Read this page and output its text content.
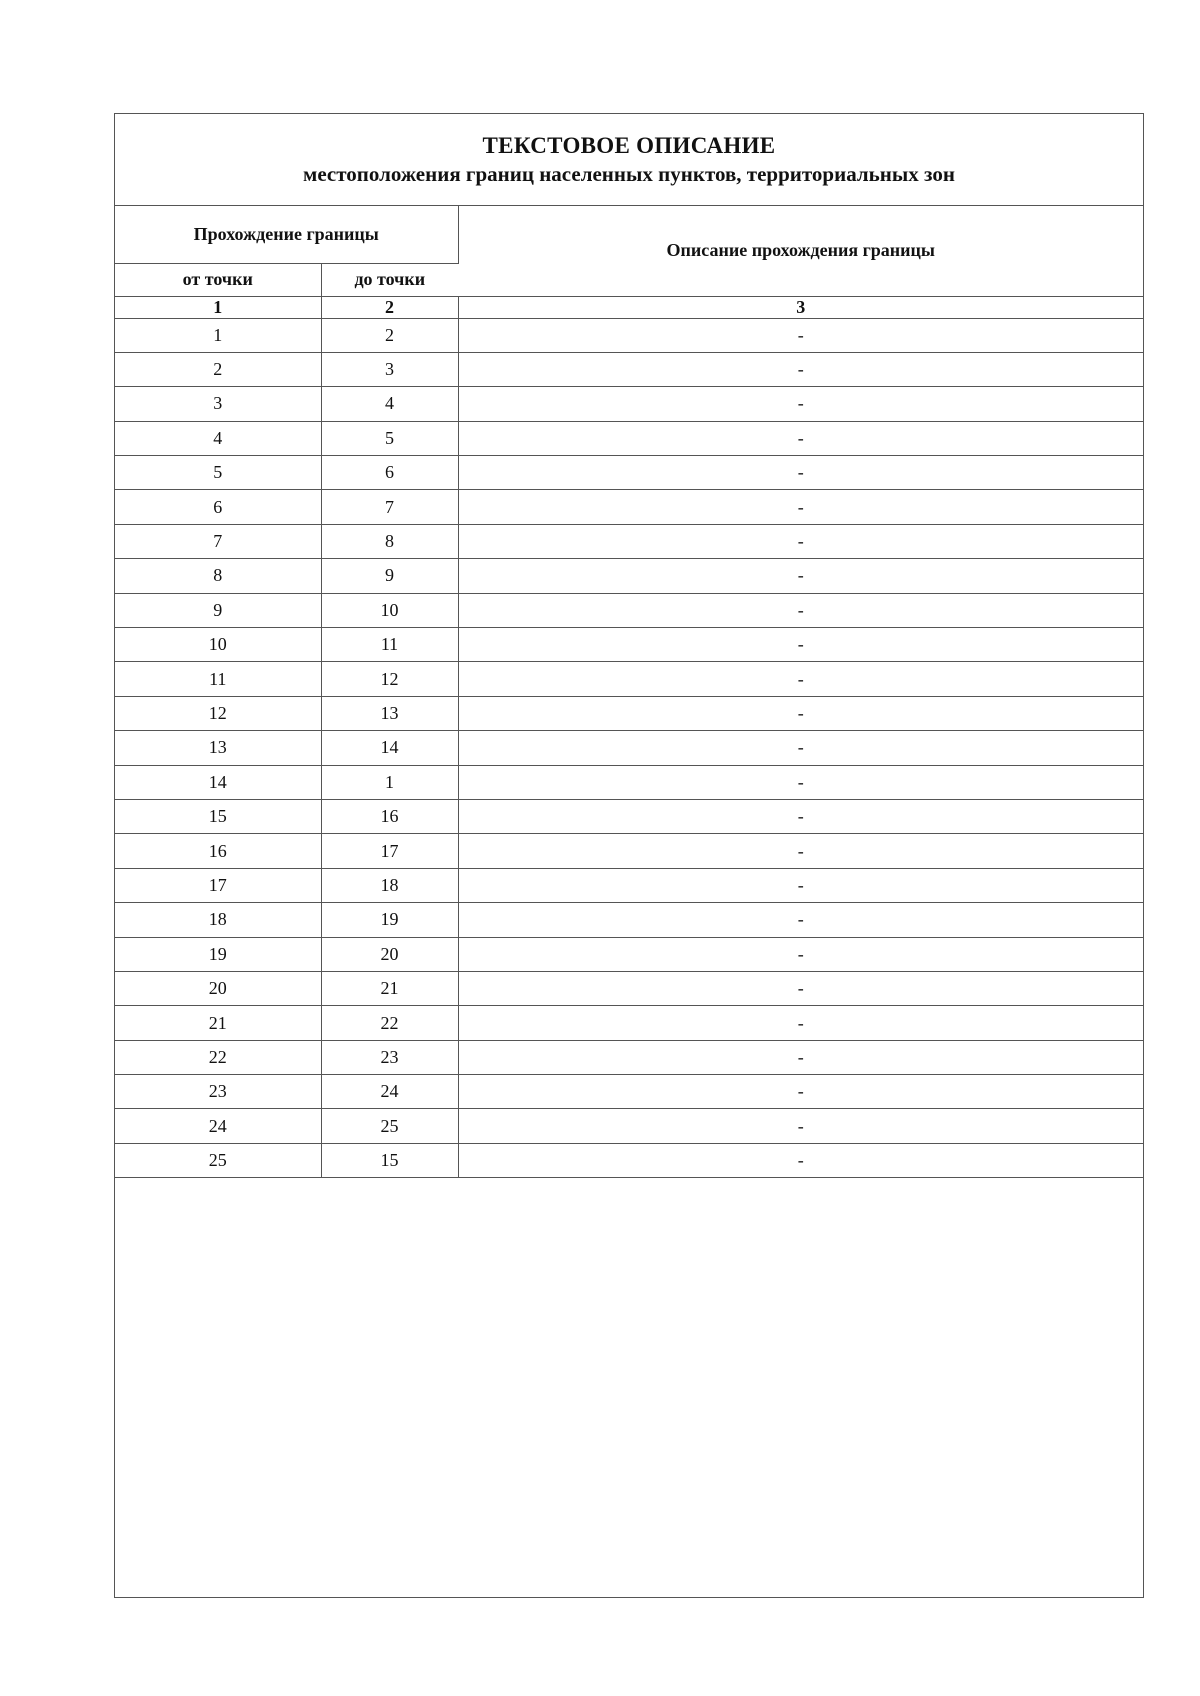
ТЕКСТОВОЕ ОПИСАНИЕ
местоположения границ населенных пунктов, территориальных зон
Прохождение границы		Описание прохождения границы
от точки	до точки	
1	2	3
1	2	-
2	3	-
3	4	-
4	5	-
5	6	-
6	7	-
7	8	-
8	9	-
9	10	-
10	11	-
11	12	-
12	13	-
13	14	-
14	1	-
15	16	-
16	17	-
17	18	-
18	19	-
19	20	-
20	21	-
21	22	-
22	23	-
23	24	-
24	25	-
25	15	-
